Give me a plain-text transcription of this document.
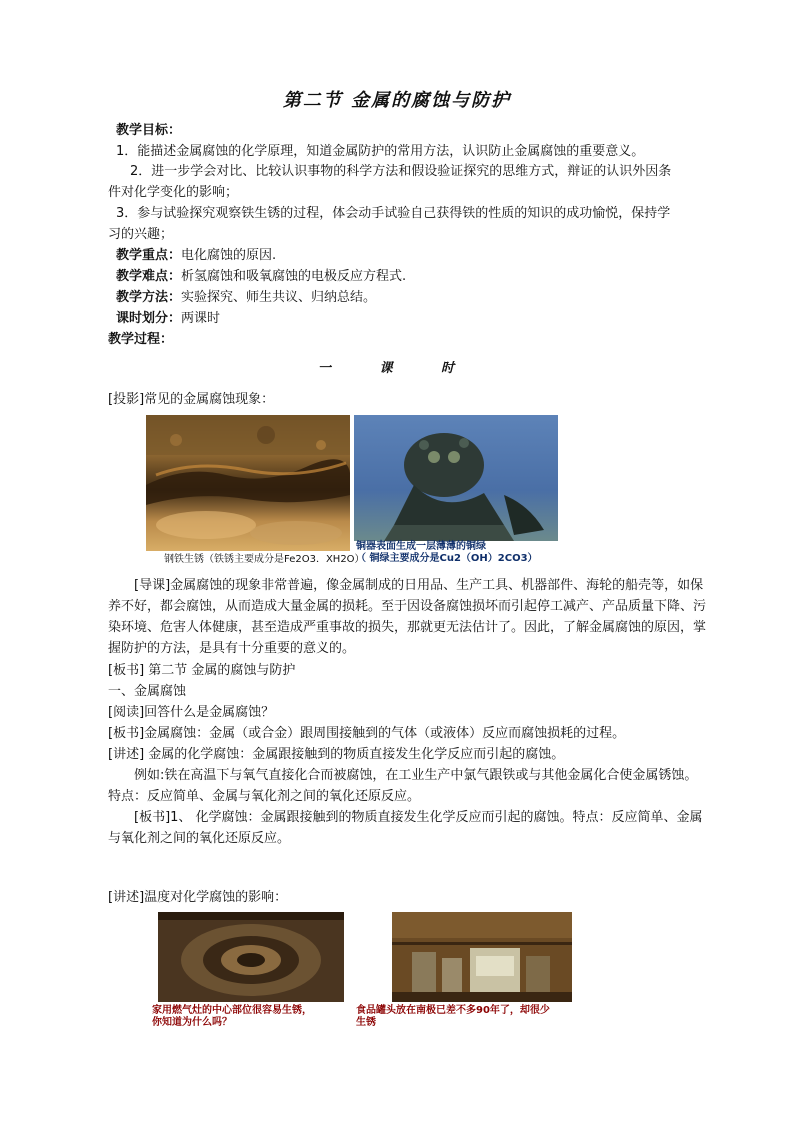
第二节 金属的腐蚀与防护
教学目标：
1．能描述金属腐蚀的化学原理，知道金属防护的常用方法，认识防止金属腐蚀的重要意义。
2．进一步学会对比、比较认识事物的科学方法和假设验证探究的思维方式，辩证的认识外因条
件对化学变化的影响；
3．参与试验探究观察铁生锈的过程，体会动手试验自己获得铁的性质的知识的成功愉悦，保持学
习的兴趣；
教学重点：电化腐蚀的原因.
教学难点：析氢腐蚀和吸氧腐蚀的电极反应方程式.
教学方法：实验探究、师生共议、归纳总结。
课时划分：两课时
教学过程：
一 课 时
[投影]常见的金属腐蚀现象：
钢铁生锈（铁锈主要成分是Fe2O3．XH2O）
铜器表面生成一层薄薄的铜绿
（ 铜绿主要成分是Cu2（OH）2CO3）
[导课]金属腐蚀的现象非常普遍，像金属制成的日用品、生产工具、机器部件、海轮的船壳等，如保养不好，都会腐蚀，从而造成大量金属的损耗。至于因设备腐蚀损坏而引起停工减产、产品质量下降、污染环境、危害人体健康，甚至造成严重事故的损失，那就更无法估计了。因此，了解金属腐蚀的原因，掌握防护的方法，是具有十分重要的意义的。
[板书] 第二节 金属的腐蚀与防护
一、金属腐蚀
[阅读]回答什么是金属腐蚀？
[板书]金属腐蚀：金属（或合金）跟周围接触到的气体（或液体）反应而腐蚀损耗的过程。
[讲述] 金属的化学腐蚀：金属跟接触到的物质直接发生化学反应而引起的腐蚀。
例如:铁在高温下与氧气直接化合而被腐蚀，在工业生产中氯气跟铁或与其他金属化合使金属锈蚀。特点：反应简单、金属与氧化剂之间的氧化还原反应。
[板书]1、 化学腐蚀：金属跟接触到的物质直接发生化学反应而引起的腐蚀。特点：反应简单、金属与氧化剂之间的氧化还原反应。
[讲述]温度对化学腐蚀的影响：
家用燃气灶的中心部位很容易生锈，
你知道为什么吗？
食品罐头放在南极已差不多90年了，却很少
生锈
